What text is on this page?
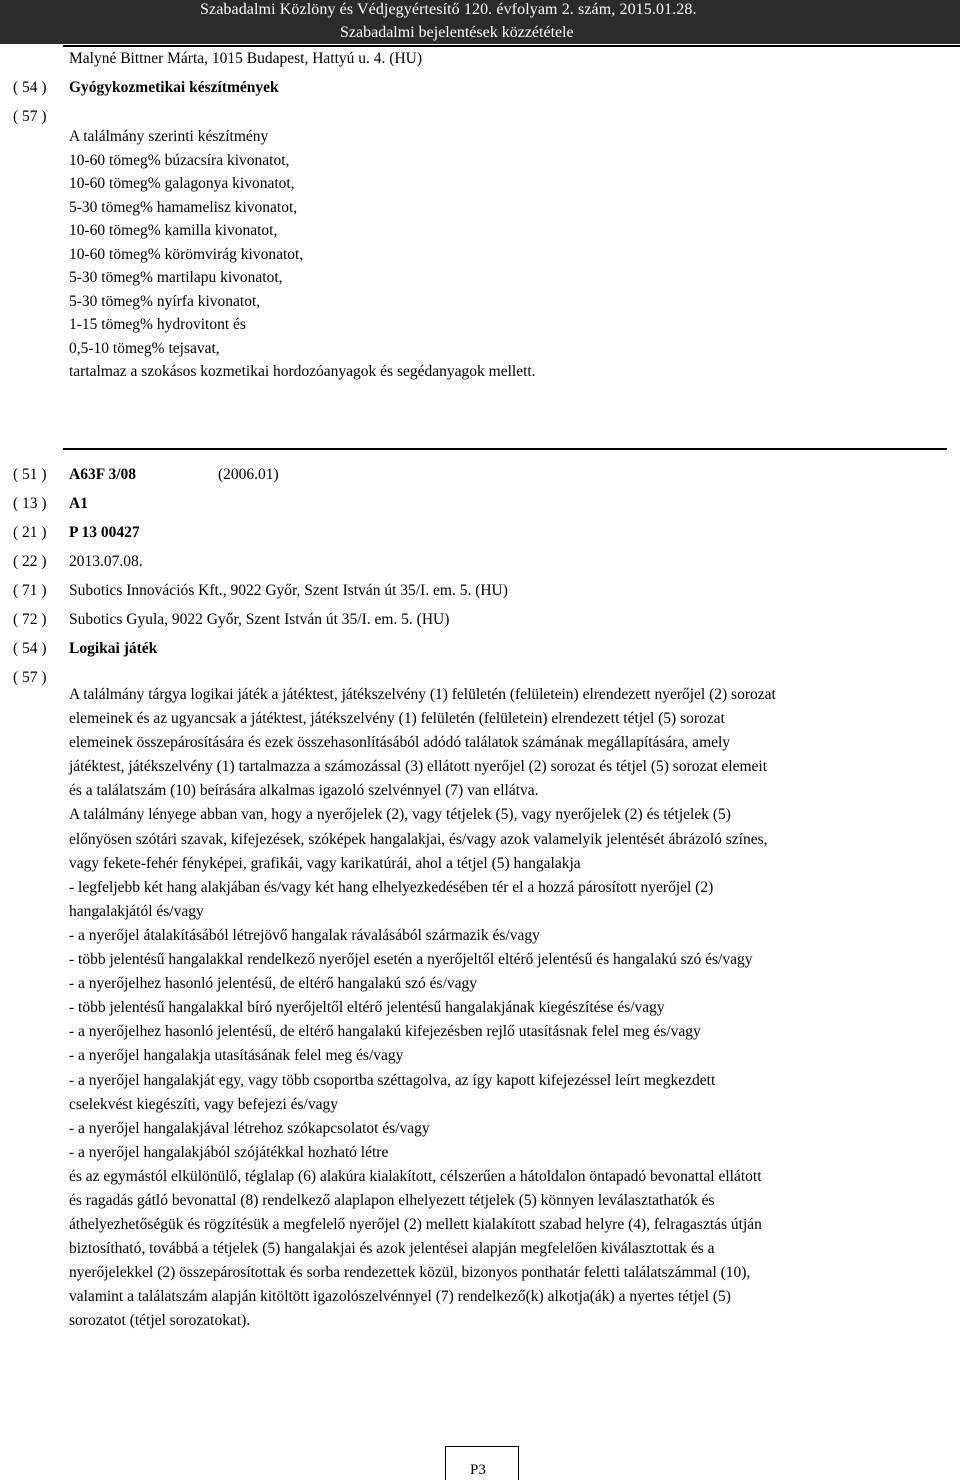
Szabadalmi Közlöny és Védjegyértesítő 120. évfolyam 2. szám, 2015.01.28.
Szabadalmi bejelentések közzététele
Malyné Bittner Márta, 1015 Budapest, Hattyú u. 4. (HU)
( 54 ) Gyógykozmetikai készítmények
( 57 )
A találmány szerinti készítmény
10-60 tömeg% búzacsíra kivonatot,
10-60 tömeg% galagonya kivonatot,
5-30 tömeg% hamamelisz kivonatot,
10-60 tömeg% kamilla kivonatot,
10-60 tömeg% körömvirág kivonatot,
5-30 tömeg% martilapu kivonatot,
5-30 tömeg% nyírfa kivonatot,
1-15 tömeg% hydrovitont és
0,5-10 tömeg% tejsavat,
tartalmaz a szokásos kozmetikai hordozóanyagok és segédanyagok mellett.
( 51 ) A63F 3/08	(2006.01)
( 13 ) A1
( 21 ) P 13 00427
( 22 ) 2013.07.08.
( 71 ) Subotics Innovációs Kft., 9022 Győr, Szent István út 35/I. em. 5. (HU)
( 72 ) Subotics Gyula, 9022 Győr, Szent István út 35/I. em. 5. (HU)
( 54 ) Logikai játék
( 57 )
A találmány tárgya logikai játék a játéktest, játékszelvény (1) felületén (felületein) elrendezett nyerőjel (2) sorozat
elemeinek és az ugyancsak a játéktest, játékszelvény (1) felületén (felületein) elrendezett tétjel (5) sorozat
elemeinek összepárosítására és ezek összehasonlításából adódó találatok számának megállapítására, amely
játéktest, játékszelvény (1) tartalmazza a számozással (3) ellátott nyerőjel (2) sorozat és tétjel (5) sorozat elemeit
és a találatszám (10) beírására alkalmas igazoló szelvénnyel (7) van ellátva.
A találmány lényege abban van, hogy a nyerőjelek (2), vagy tétjelek (5), vagy nyerőjelek (2) és tétjelek (5)
előnyösen szótári szavak, kifejezések, szóképek hangalakjai, és/vagy azok valamelyik jelentését ábrázoló színes,
vagy fekete-fehér fényképei, grafikái, vagy karikatúrái, ahol a tétjel (5) hangalakja
- legfeljebb két hang alakjában és/vagy két hang elhelyezkedésében tér el a hozzá párosított nyerőjel (2)
hangalakjától és/vagy
- a nyerőjel átalakításából létrejövő hangalak rávalásából származik és/vagy
- több jelentésű hangalakkal rendelkező nyerőjel esetén a nyerőjeltől eltérő jelentésű és hangalakú szó és/vagy
- a nyerőjelhez hasonló jelentésű, de eltérő hangalakú szó és/vagy
- több jelentésű hangalakkal bíró nyerőjeltől eltérő jelentésű hangalakjának kiegészítése és/vagy
- a nyerőjelhez hasonló jelentésű, de eltérő hangalakú kifejezésben rejlő utasításnak felel meg és/vagy
- a nyerőjel hangalakja utasításának felel meg és/vagy
- a nyerőjel hangalakját egy, vagy több csoportba széttagolva, az így kapott kifejezéssel leírt megkezdett
cselekvést kiegészíti, vagy befejezi és/vagy
- a nyerőjel hangalakjával létrehoz szókapcsolatot és/vagy
- a nyerőjel hangalakjából szójátékkal hozható létre
és az egymástól elkülönülő, téglalap (6) alakúra kialakított, célszerűen a hátoldalon öntapadó bevonattal ellátott
és ragadás gátló bevonattal (8) rendelkező alaplapon elhelyezett tétjelek (5) könnyen leválasztathatók és
áthelyezhetőségük és rögzítésük a megfelelő nyerőjel (2) mellett kialakított szabad helyre (4), felragasztás útján
biztosítható, továbbá a tétjelek (5) hangalakjai és azok jelentései alapján megfelelően kiválasztottak és a
nyerőjelekkel (2) összepárosítottak és sorba rendezettek közül, bizonyos ponthatár feletti találatszámmal (10),
valamint a találatszám alapján kitöltött igazolószelvénnyel (7) rendelkező(k) alkotja(ák) a nyertes tétjel (5)
sorozatot (tétjel sorozatokat).
P3
